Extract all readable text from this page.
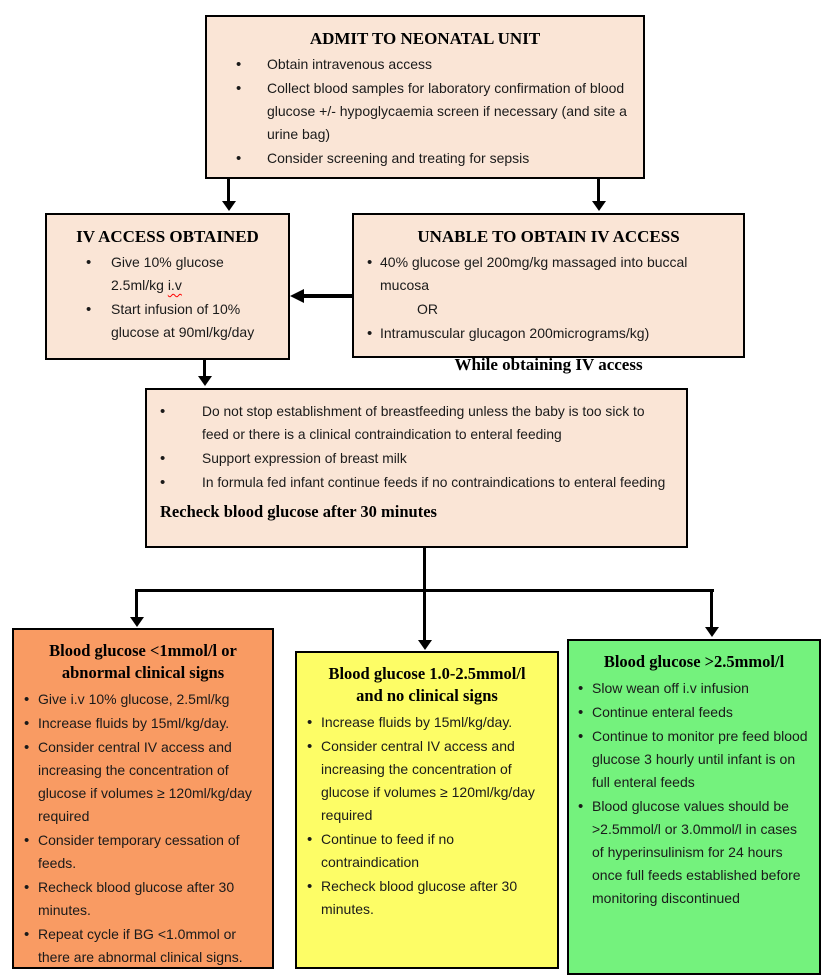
ADMIT TO NEONATAL UNIT
• Obtain intravenous access
• Collect blood samples for laboratory confirmation of blood glucose +/- hypoglycaemia screen if necessary (and site a urine bag)
• Consider screening and treating for sepsis
IV ACCESS OBTAINED
• Give 10% glucose 2.5ml/kg i.v
• Start infusion of 10% glucose at 90ml/kg/day
UNABLE TO OBTAIN IV ACCESS
• 40% glucose gel 200mg/kg massaged into buccal mucosa
OR
• Intramuscular glucagon 200micrograms/kg)
While obtaining IV access
• Do not stop establishment of breastfeeding unless the baby is too sick to feed or there is a clinical contraindication to enteral feeding
• Support expression of breast milk
• In formula fed infant continue feeds if no contraindications to enteral feeding
Recheck blood glucose after 30 minutes
Blood glucose <1mmol/l or
abnormal clinical signs
• Give i.v 10% glucose, 2.5ml/kg
• Increase fluids by 15ml/kg/day.
• Consider central IV access and increasing the concentration of glucose if volumes ≥ 120ml/kg/day required
• Consider temporary cessation of feeds.
• Recheck blood glucose after 30 minutes.
• Repeat cycle if BG <1.0mmol or there are abnormal clinical signs.
Blood glucose 1.0-2.5mmol/l
and no clinical signs
• Increase fluids by 15ml/kg/day.
• Consider central IV access and increasing the concentration of glucose if volumes ≥ 120ml/kg/day required
• Continue to feed if no contraindication
• Recheck blood glucose after 30 minutes.
Blood glucose >2.5mmol/l
• Slow wean off i.v infusion
• Continue enteral feeds
• Continue to monitor pre feed blood glucose 3 hourly until infant is on full enteral feeds
• Blood glucose values should be >2.5mmol/l or 3.0mmol/l in cases of hyperinsulinism for 24 hours once full feeds established before monitoring discontinued
